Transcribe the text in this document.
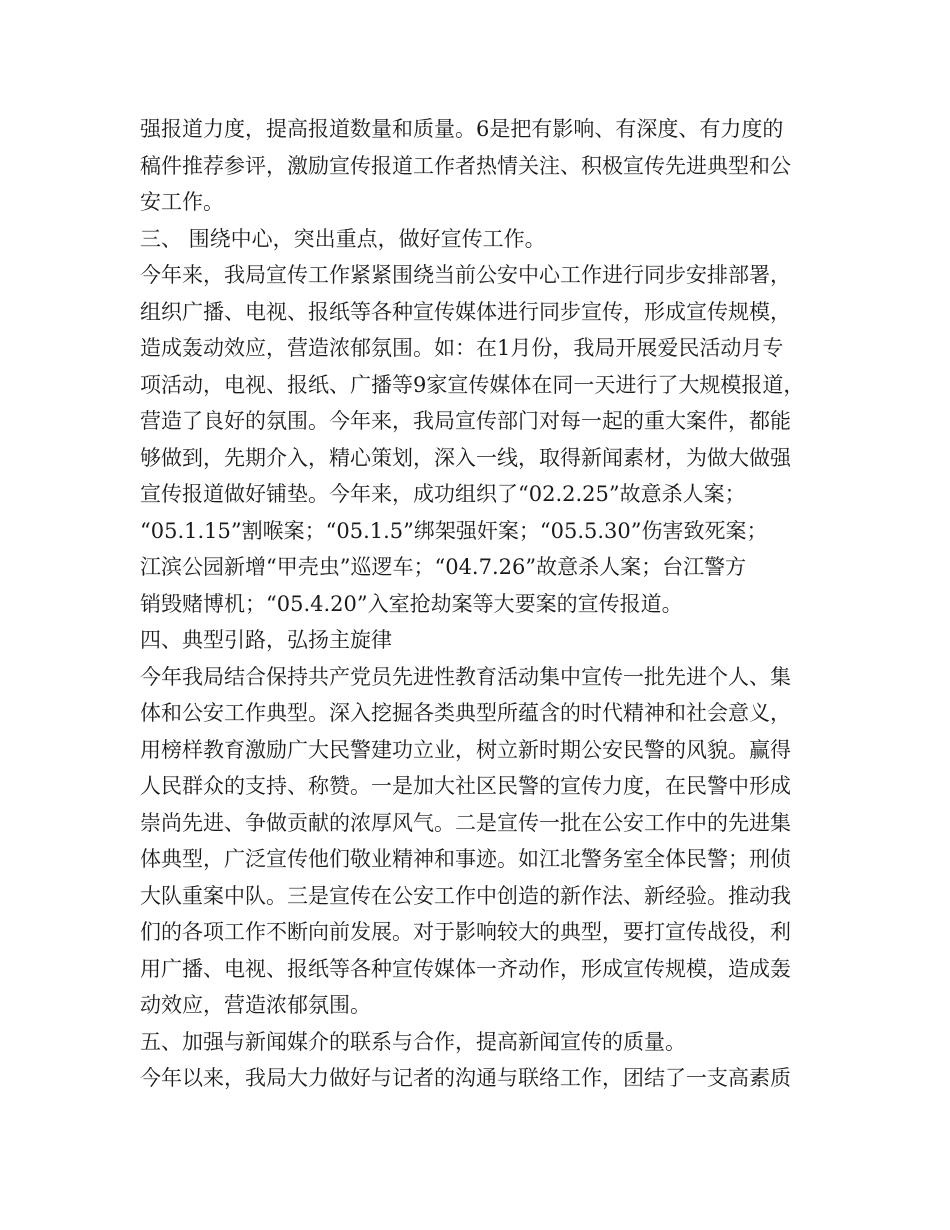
强报道力度，提高报道数量和质量。6是把有影响、有深度、有力度的
稿件推荐参评，激励宣传报道工作者热情关注、积极宣传先进典型和公
安工作。
三、 围绕中心，突出重点，做好宣传工作。
今年来，我局宣传工作紧紧围绕当前公安中心工作进行同步安排部署，
组织广播、电视、报纸等各种宣传媒体进行同步宣传，形成宣传规模，
造成轰动效应，营造浓郁氛围。如：在1月份，我局开展爱民活动月专
项活动，电视、报纸、广播等9家宣传媒体在同一天进行了大规模报道，
营造了良好的氛围。今年来，我局宣传部门对每一起的重大案件，都能
够做到，先期介入，精心策划，深入一线，取得新闻素材，为做大做强
宣传报道做好铺垫。今年来，成功组织了“02.2.25”故意杀人案；
“05.1.15”割喉案；“05.1.5”绑架强奸案；“05.5.30”伤害致死案；
江滨公园新增“甲壳虫”巡逻车；“04.7.26”故意杀人案；台江警方
销毁赌博机；“05.4.20”入室抢劫案等大要案的宣传报道。
四、典型引路，弘扬主旋律
今年我局结合保持共产党员先进性教育活动集中宣传一批先进个人、集
体和公安工作典型。深入挖掘各类典型所蕴含的时代精神和社会意义，
用榜样教育激励广大民警建功立业，树立新时期公安民警的风貌。赢得
人民群众的支持、称赞。一是加大社区民警的宣传力度，在民警中形成
崇尚先进、争做贡献的浓厚风气。二是宣传一批在公安工作中的先进集
体典型，广泛宣传他们敬业精神和事迹。如江北警务室全体民警；刑侦
大队重案中队。三是宣传在公安工作中创造的新作法、新经验。推动我
们的各项工作不断向前发展。对于影响较大的典型，要打宣传战役，利
用广播、电视、报纸等各种宣传媒体一齐动作，形成宣传规模，造成轰
动效应，营造浓郁氛围。
五、加强与新闻媒介的联系与合作，提高新闻宣传的质量。
今年以来，我局大力做好与记者的沟通与联络工作，团结了一支高素质
